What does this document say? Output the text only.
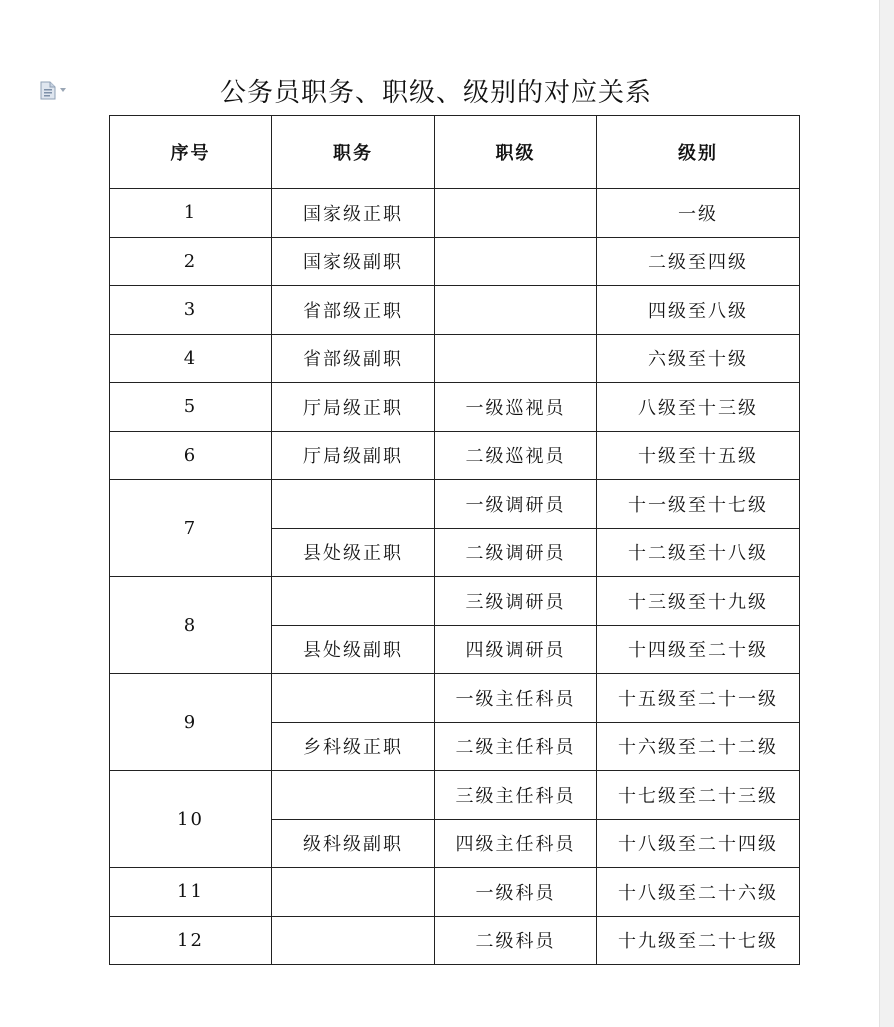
公务员职务、职级、级别的对应关系
序号	职务	职级	级别
1	国家级正职		一级
2	国家级副职		二级至四级
3	省部级正职		四级至八级
4	省部级副职		六级至十级
5	厅局级正职	一级巡视员	八级至十三级
6	厅局级副职	二级巡视员	十级至十五级
7		一级调研员	十一级至十七级
	县处级正职	二级调研员	十二级至十八级
8		三级调研员	十三级至十九级
	县处级副职	四级调研员	十四级至二十级
9		一级主任科员	十五级至二十一级
	乡科级正职	二级主任科员	十六级至二十二级
10		三级主任科员	十七级至二十三级
	级科级副职	四级主任科员	十八级至二十四级
11		一级科员	十八级至二十六级
12		二级科员	十九级至二十七级
